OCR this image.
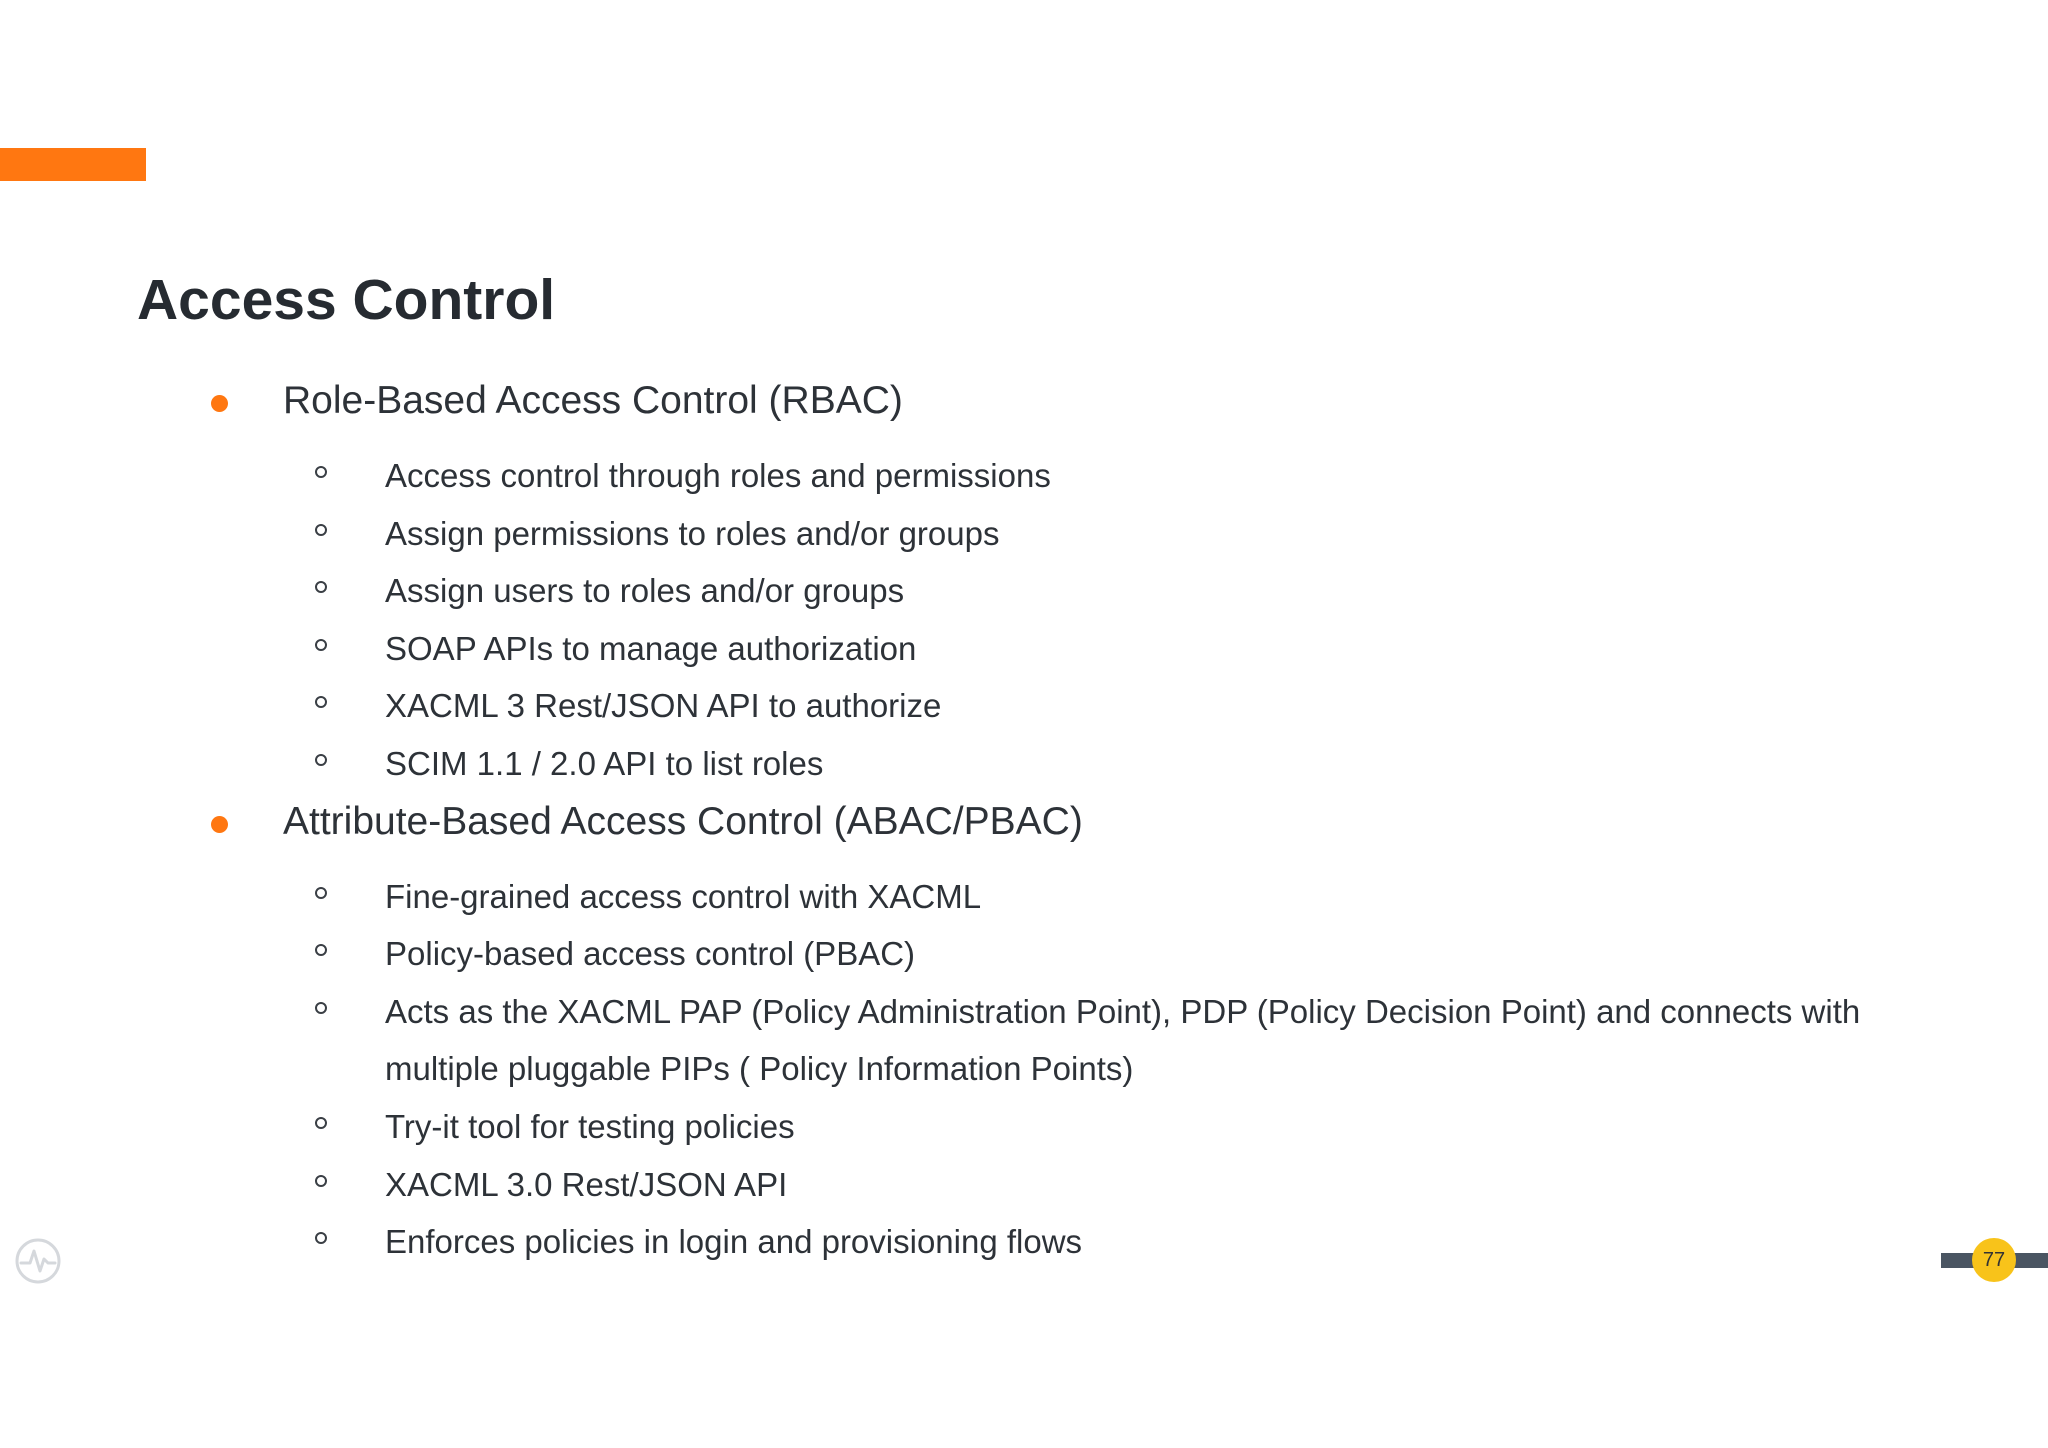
Access Control
Role-Based Access Control (RBAC)
Access control through roles and permissions
Assign permissions to roles and/or groups
Assign users to roles and/or groups
SOAP APIs to manage authorization
XACML 3 Rest/JSON API to authorize
SCIM 1.1 / 2.0 API to list roles
Attribute-Based Access Control (ABAC/PBAC)
Fine-grained access control with XACML
Policy-based access control (PBAC)
Acts as the XACML PAP (Policy Administration Point), PDP (Policy Decision Point) and connects with multiple pluggable PIPs ( Policy Information Points)
Try-it tool for testing policies
XACML 3.0 Rest/JSON API
Enforces policies in login and provisioning flows	77
